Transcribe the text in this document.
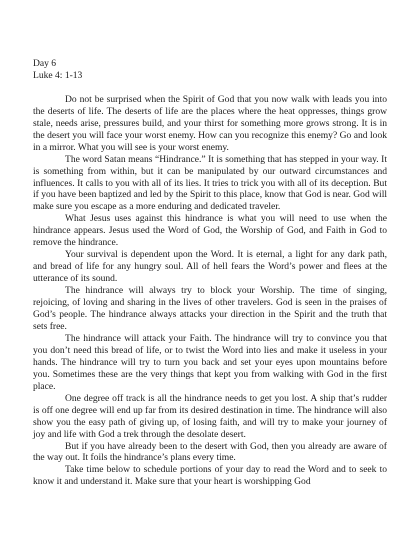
Day 6
Luke 4: 1-13

Do not be surprised when the Spirit of God that you now walk with leads you into the deserts of life. The deserts of life are the places where the heat oppresses, things grow stale, needs arise, pressures build, and your thirst for something more grows strong. It is in the desert you will face your worst enemy. How can you recognize this enemy? Go and look in a mirror. What you will see is your worst enemy.

The word Satan means “Hindrance.” It is something that has stepped in your way. It is something from within, but it can be manipulated by our outward circumstances and influences. It calls to you with all of its lies. It tries to trick you with all of its deception. But if you have been baptized and led by the Spirit to this place, know that God is near. God will make sure you escape as a more enduring and dedicated traveler.

What Jesus uses against this hindrance is what you will need to use when the hindrance appears. Jesus used the Word of God, the Worship of God, and Faith in God to remove the hindrance.

Your survival is dependent upon the Word. It is eternal, a light for any dark path, and bread of life for any hungry soul. All of hell fears the Word’s power and flees at the utterance of its sound.

The hindrance will always try to block your Worship. The time of singing, rejoicing, of loving and sharing in the lives of other travelers. God is seen in the praises of God’s people. The hindrance always attacks your direction in the Spirit and the truth that sets free.

The hindrance will attack your Faith. The hindrance will try to convince you that you don’t need this bread of life, or to twist the Word into lies and make it useless in your hands. The hindrance will try to turn you back and set your eyes upon mountains before you. Sometimes these are the very things that kept you from walking with God in the first place.

One degree off track is all the hindrance needs to get you lost. A ship that’s rudder is off one degree will end up far from its desired destination in time. The hindrance will also show you the easy path of giving up, of losing faith, and will try to make your journey of joy and life with God a trek through the desolate desert.

But if you have already been to the desert with God, then you already are aware of the way out. It foils the hindrance’s plans every time.

Take time below to schedule portions of your day to read the Word and to seek to know it and understand it. Make sure that your heart is worshipping God
